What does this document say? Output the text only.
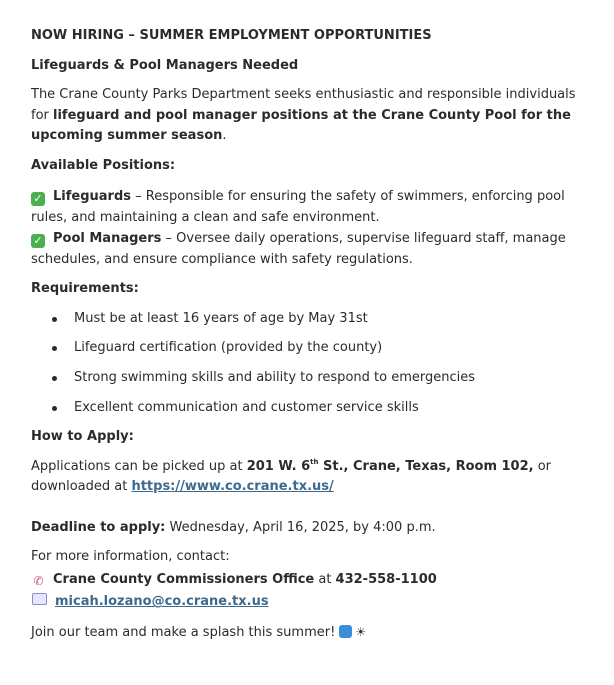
NOW HIRING – SUMMER EMPLOYMENT OPPORTUNITIES

Lifeguards & Pool Managers Needed

The Crane County Parks Department seeks enthusiastic and responsible individuals for lifeguard and pool manager positions at the Crane County Pool for the upcoming summer season.

Available Positions:

✓ Lifeguards – Responsible for ensuring the safety of swimmers, enforcing pool rules, and maintaining a clean and safe environment.

✓ Pool Managers – Oversee daily operations, supervise lifeguard staff, manage schedules, and ensure compliance with safety regulations.

Requirements:

Must be at least 16 years of age by May 31st
Lifeguard certification (provided by the county)
Strong swimming skills and ability to respond to emergencies
Excellent communication and customer service skills

How to Apply:

Applications can be picked up at 201 W. 6th St., Crane, Texas, Room 102, or downloaded at https://www.co.crane.tx.us/

Deadline to apply: Wednesday, April 16, 2025, by 4:00 p.m.

For more information, contact:

✆ Crane County Commissioners Office at 432-558-1100

micah.lozano@co.crane.tx.us

Join our team and make a splash this summer! ☀
